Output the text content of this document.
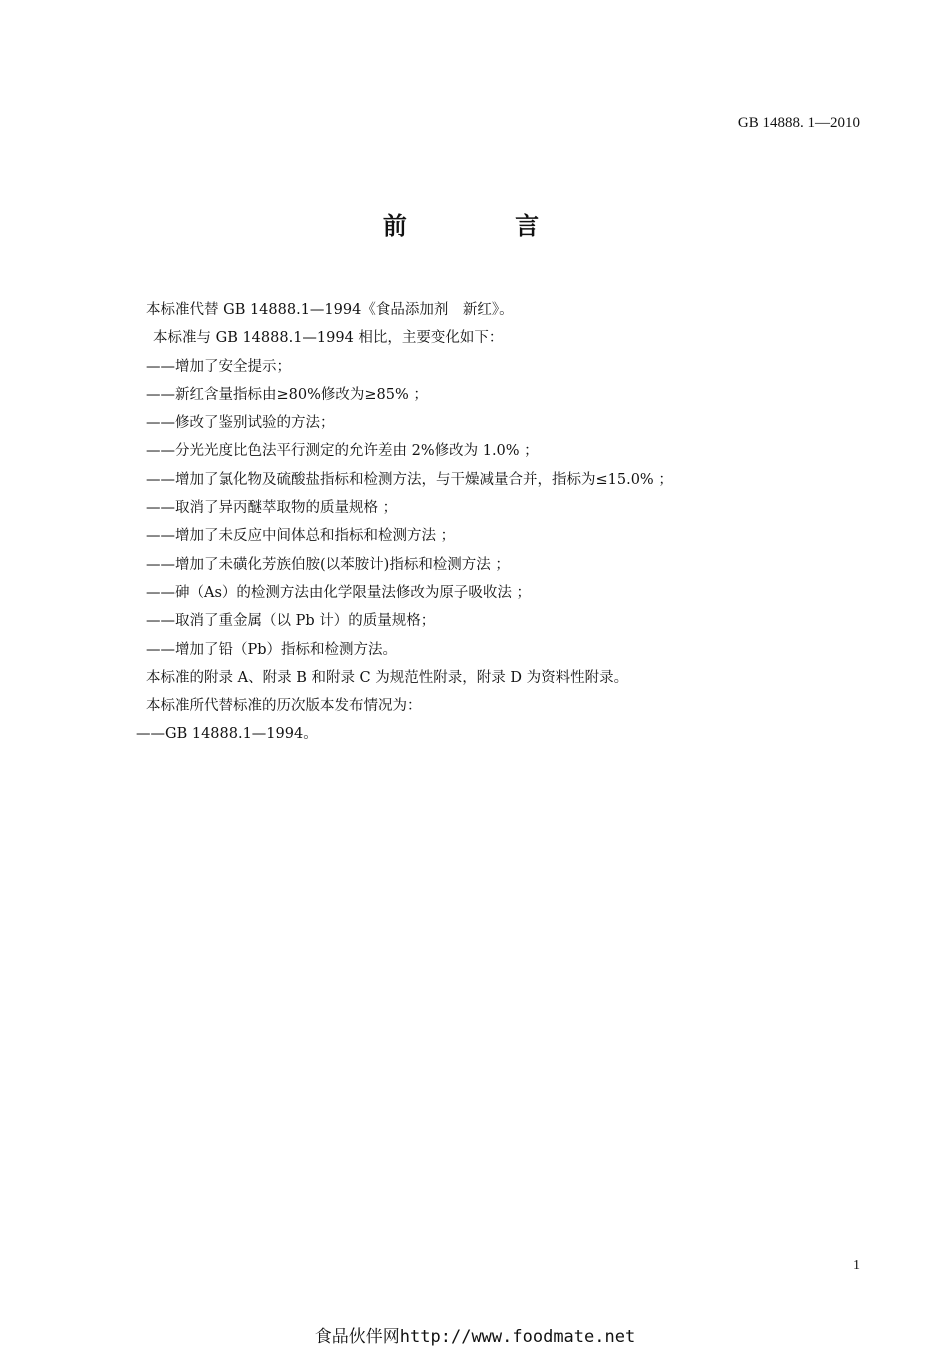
GB 14888. 1—2010
前 言
本标准代替 GB 14888.1—1994《食品添加剂　新红》。
本标准与 GB 14888.1—1994 相比，主要变化如下：
——增加了安全提示；
——新红含量指标由≥80%修改为≥85% ；
——修改了鉴别试验的方法；
——分光光度比色法平行测定的允许差由 2%修改为 1.0% ；
——增加了氯化物及硫酸盐指标和检测方法，与干燥减量合并，指标为≤15.0% ；
——取消了异丙醚萃取物的质量规格 ；
——增加了未反应中间体总和指标和检测方法 ；
——增加了未磺化芳族伯胺(以苯胺计)指标和检测方法 ；
——砷（As）的检测方法由化学限量法修改为原子吸收法 ；
——取消了重金属（以 Pb 计）的质量规格；
——增加了铅（Pb）指标和检测方法。
本标准的附录 A、附录 B 和附录 C 为规范性附录，附录 D 为资料性附录。
本标准所代替标准的历次版本发布情况为：
——GB 14888.1—1994。
1
食品伙伴网http://www.foodmate.net
